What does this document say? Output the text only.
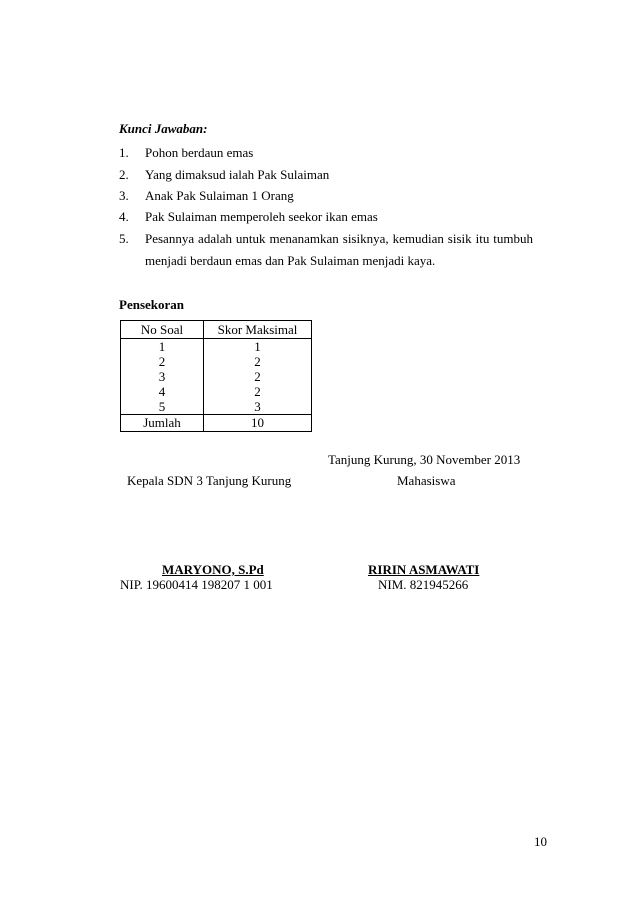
Kunci Jawaban:
1.	Pohon berdaun emas
2.	Yang dimaksud ialah Pak Sulaiman
3.	Anak Pak Sulaiman 1 Orang
4.	Pak Sulaiman memperoleh seekor ikan emas
5.	Pesannya adalah untuk menanamkan sisiknya, kemudian sisik itu tumbuh
menjadi berdaun emas dan Pak Sulaiman menjadi kaya.
Pensekoran
No Soal	Skor Maksimal
1	1
2	2
3	2
4	2
5	3
Jumlah	10
Tanjung Kurung, 30 November 2013
Kepala SDN 3 Tanjung Kurung	Mahasiswa
MARYONO, S.Pd
NIP. 19600414 198207 1 001
RIRIN ASMAWATI
NIM. 821945266
10
